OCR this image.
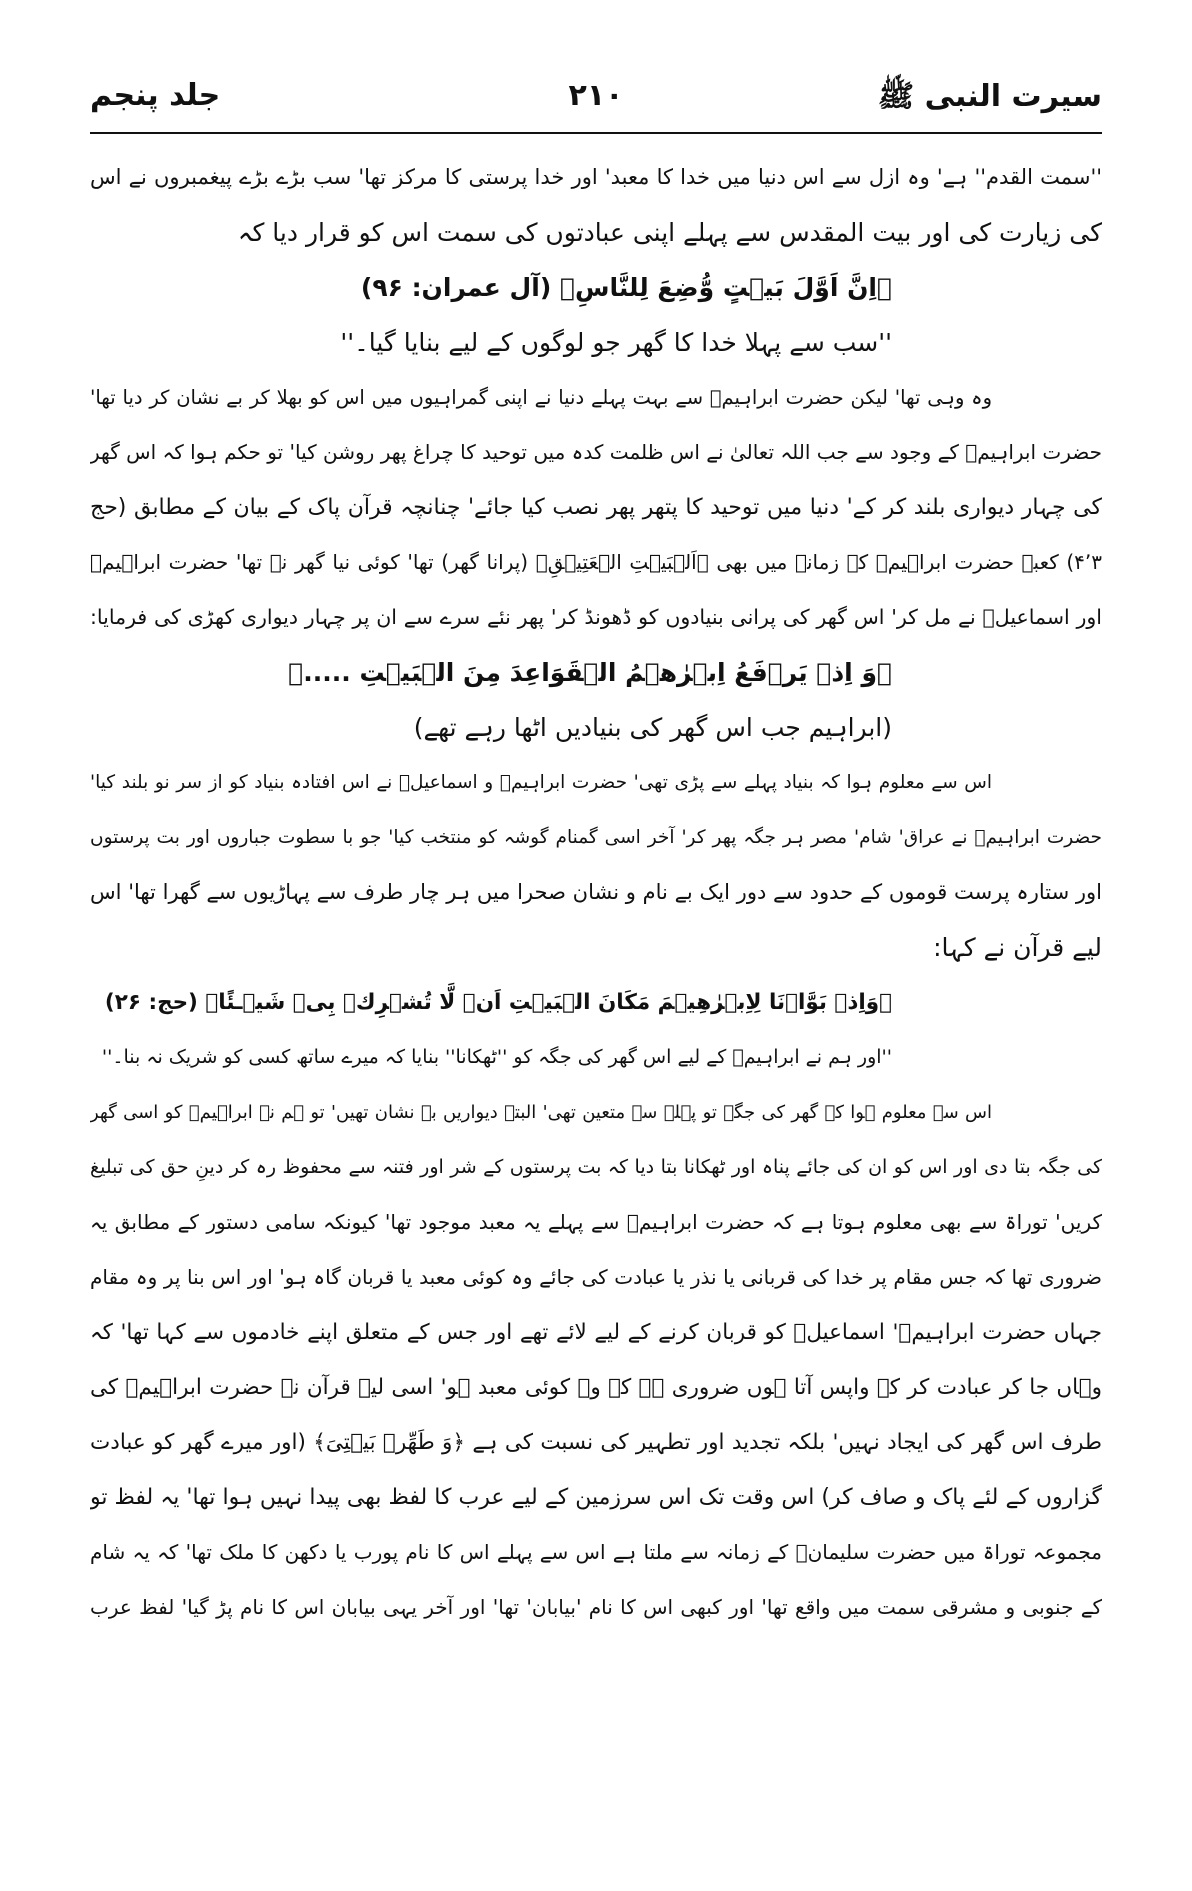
سیرت النبی ﷺ
۲۱۰
جلد پنجم
''سمت القدم'' ہے' وہ ازل سے اس دنیا میں خدا کا معبد' اور خدا پرستی کا مرکز تھا' سب بڑے بڑے پیغمبروں نے اس
کی زیارت کی اور بیت المقدس سے پہلے اپنی عبادتوں کی سمت اس کو قرار دیا کہ
﴿اِنَّ اَوَّلَ بَيۡتٍ وُّضِعَ لِلنَّاسِ﴾ (آل عمران: ۹۶)
''سب سے پہلا خدا کا گھر جو لوگوں کے لیے بنایا گیا۔''
وہ وہی تھا' لیکن حضرت ابراہیمؑ سے بہت پہلے دنیا نے اپنی گمراہیوں میں اس کو بھلا کر بے نشان کر دیا تھا'
حضرت ابراہیمؑ کے وجود سے جب اللہ تعالیٰ نے اس ظلمت کدہ میں توحید کا چراغ پھر روشن کیا' تو حکم ہوا کہ اس گھر
کی چہار دیواری بلند کر کے' دنیا میں توحید کا پتھر پھر نصب کیا جائے' چنانچہ قرآن پاک کے بیان کے مطابق (حج
۴٬۳) کعبہ حضرت ابراہیمؑ کے زمانہ میں بھی ﴿اَلۡبَيۡتِ الۡعَتِيۡقِ﴾ (پرانا گھر) تھا' کوئی نیا گھر نہ تھا' حضرت ابراہیمؑ
اور اسماعیلؑ نے مل کر' اس گھر کی پرانی بنیادوں کو ڈھونڈ کر' پھر نئے سرے سے ان پر چہار دیواری کھڑی کی فرمایا:
﴿وَ اِذۡ يَرۡفَعُ اِبۡرٰهٖمُ الۡقَوَاعِدَ مِنَ الۡبَيۡتِ .....﴾
(ابراہیم جب اس گھر کی بنیادیں اٹھا رہے تھے)
اس سے معلوم ہوا کہ بنیاد پہلے سے پڑی تھی' حضرت ابراہیمؑ و اسماعیلؑ نے اس افتادہ بنیاد کو از سر نو بلند کیا'
حضرت ابراہیمؑ نے عراق' شام' مصر ہر جگہ پھر کر' آخر اسی گمنام گوشہ کو منتخب کیا' جو با سطوت جباروں اور بت پرستوں
اور ستارہ پرست قوموں کے حدود سے دور ایک بے نام و نشان صحرا میں ہر چار طرف سے پہاڑیوں سے گھرا تھا' اس
لیے قرآن نے کہا:
﴿وَاِذۡ بَوَّاۡنَا لِاِبۡرٰهِيۡمَ مَكَانَ الۡبَيۡتِ اَنۡ لَّا تُشۡرِكۡ بِىۡ شَيۡـئًا﴾ (حج: ۲۶)
''اور ہم نے ابراہیمؑ کے لیے اس گھر کی جگہ کو ''ٹھکانا'' بنایا کہ میرے ساتھ کسی کو شریک نہ بنا۔''
اس سے معلوم ہوا کہ گھر کی جگہ تو پہلے سے متعین تھی' البتہ دیواریں بے نشان تھیں' تو ہم نے ابراہیمؑ کو اسی گھر
کی جگہ بتا دی اور اس کو ان کی جائے پناہ اور ٹھکانا بتا دیا کہ بت پرستوں کے شر اور فتنہ سے محفوظ رہ کر دینِ حق کی تبلیغ
کریں' توراۃ سے بھی معلوم ہوتا ہے کہ حضرت ابراہیمؑ سے پہلے یہ معبد موجود تھا' کیونکہ سامی دستور کے مطابق یہ
ضروری تھا کہ جس مقام پر خدا کی قربانی یا نذر یا عبادت کی جائے وہ کوئی معبد یا قربان گاہ ہو' اور اس بنا پر وہ مقام
جہاں حضرت ابراہیمؑ' اسماعیلؑ کو قربان کرنے کے لیے لائے تھے اور جس کے متعلق اپنے خادموں سے کہا تھا' کہ
وہاں جا کر عبادت کر کے واپس آتا ہوں ضروری ہے کہ وہ کوئی معبد ہو' اسی لیے قرآن نے حضرت ابراہیمؑ کی
طرف اس گھر کی ایجاد نہیں' بلکہ تجدید اور تطہیر کی نسبت کی ہے ﴿وَ طَهِّرۡ بَيۡتِىَ﴾ (اور میرے گھر کو عبادت
گزاروں کے لئے پاک و صاف کر) اس وقت تک اس سرزمین کے لیے عرب کا لفظ بھی پیدا نہیں ہوا تھا' یہ لفظ تو
مجموعہ توراۃ میں حضرت سلیمانؑ کے زمانہ سے ملتا ہے اس سے پہلے اس کا نام پورب یا دکھن کا ملک تھا' کہ یہ شام
کے جنوبی و مشرقی سمت میں واقع تھا' اور کبھی اس کا نام 'بیابان' تھا' اور آخر یہی بیابان اس کا نام پڑ گیا' لفظ عرب
